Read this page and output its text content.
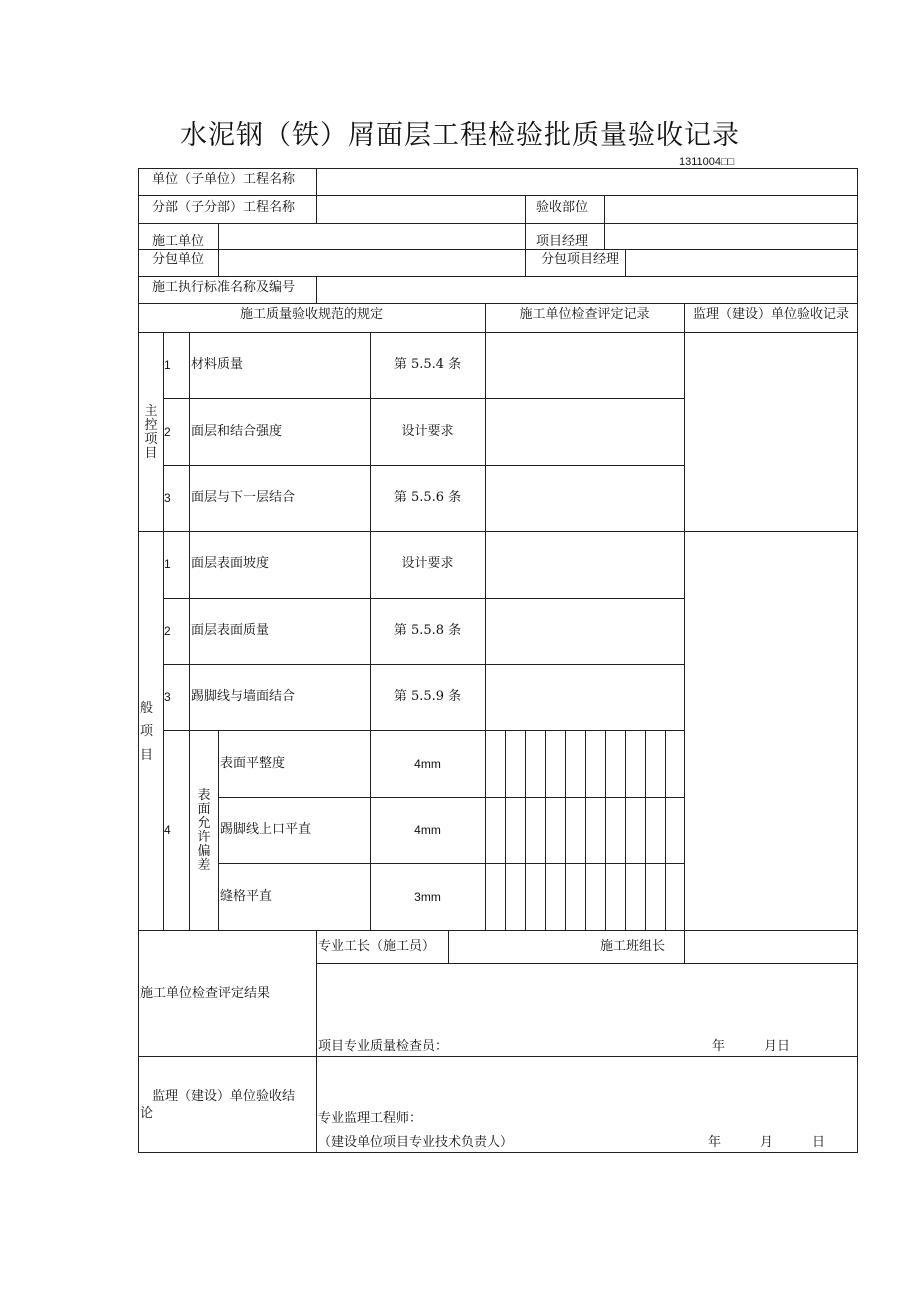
水泥钢（铁）屑面层工程检验批质量验收记录
1311004□□
单位（子单位）工程名称
分部（子分部）工程名称	验收部位
施工单位	项目经理
分包单位	分包项目经理
施工执行标准名称及编号
施工质量验收规范的规定	施工单位检查评定记录	监理（建设）单位验收记录
主控项目
1 材料质量	第 5.5.4 条
2 面层和结合强度	设计要求
3 面层与下一层结合	第 5.5.6 条
般
项
目
1 面层表面坡度	设计要求
2 面层表面质量	第 5.5.8 条
3 踢脚线与墙面结合	第 5.5.9 条
4
表面允许偏差
表面平整度	4mm
踢脚线上口平直	4mm
缝格平直	3mm
施工单位检查评定结果
专业工长（施工员）	施工班组长
项目专业质量检查员：	年　　　月日
监理（建设）单位验收结
论	专业监理工程师：
（建设单位项目专业技术负责人）	年　　　月　　　日
